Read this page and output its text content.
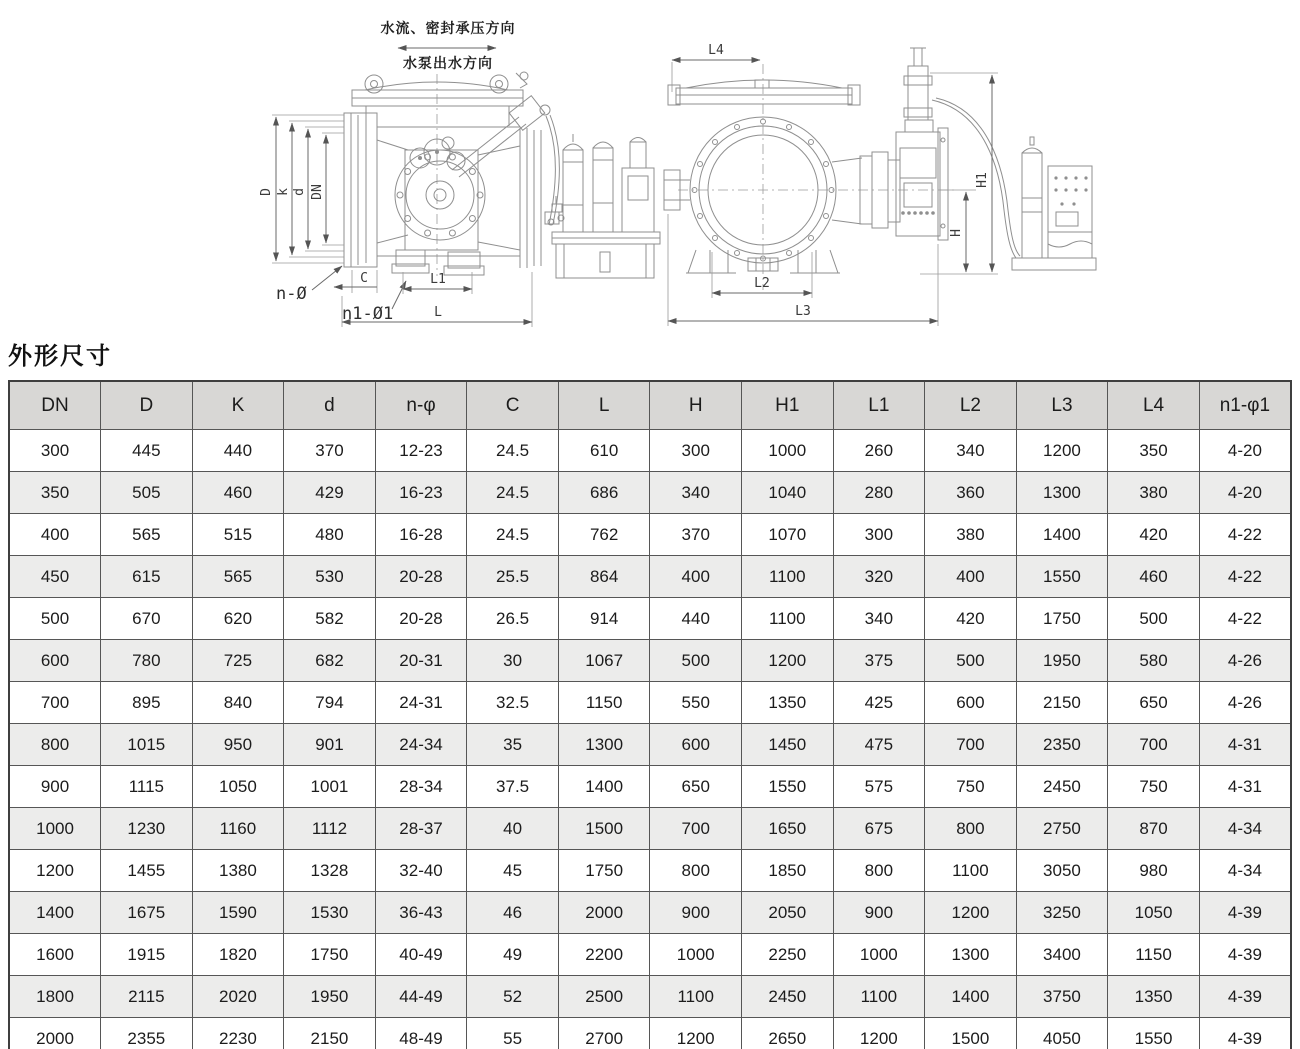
水流、密封承压方向
水泵出水方向
D k d DN
n-Ø
C
n1-Ø1
L1
L
L4
H
H1
L2
L3
外形尺寸
DN	D	K	d	n-φ	C	L	H	H1	L1	L2	L3	L4	n1-φ1
300	445	440	370	12-23	24.5	610	300	1000	260	340	1200	350	4-20
350	505	460	429	16-23	24.5	686	340	1040	280	360	1300	380	4-20
400	565	515	480	16-28	24.5	762	370	1070	300	380	1400	420	4-22
450	615	565	530	20-28	25.5	864	400	1100	320	400	1550	460	4-22
500	670	620	582	20-28	26.5	914	440	1100	340	420	1750	500	4-22
600	780	725	682	20-31	30	1067	500	1200	375	500	1950	580	4-26
700	895	840	794	24-31	32.5	1150	550	1350	425	600	2150	650	4-26
800	1015	950	901	24-34	35	1300	600	1450	475	700	2350	700	4-31
900	1115	1050	1001	28-34	37.5	1400	650	1550	575	750	2450	750	4-31
1000	1230	1160	1112	28-37	40	1500	700	1650	675	800	2750	870	4-34
1200	1455	1380	1328	32-40	45	1750	800	1850	800	1100	3050	980	4-34
1400	1675	1590	1530	36-43	46	2000	900	2050	900	1200	3250	1050	4-39
1600	1915	1820	1750	40-49	49	2200	1000	2250	1000	1300	3400	1150	4-39
1800	2115	2020	1950	44-49	52	2500	1100	2450	1100	1400	3750	1350	4-39
2000	2355	2230	2150	48-49	55	2700	1200	2650	1200	1500	4050	1550	4-39
